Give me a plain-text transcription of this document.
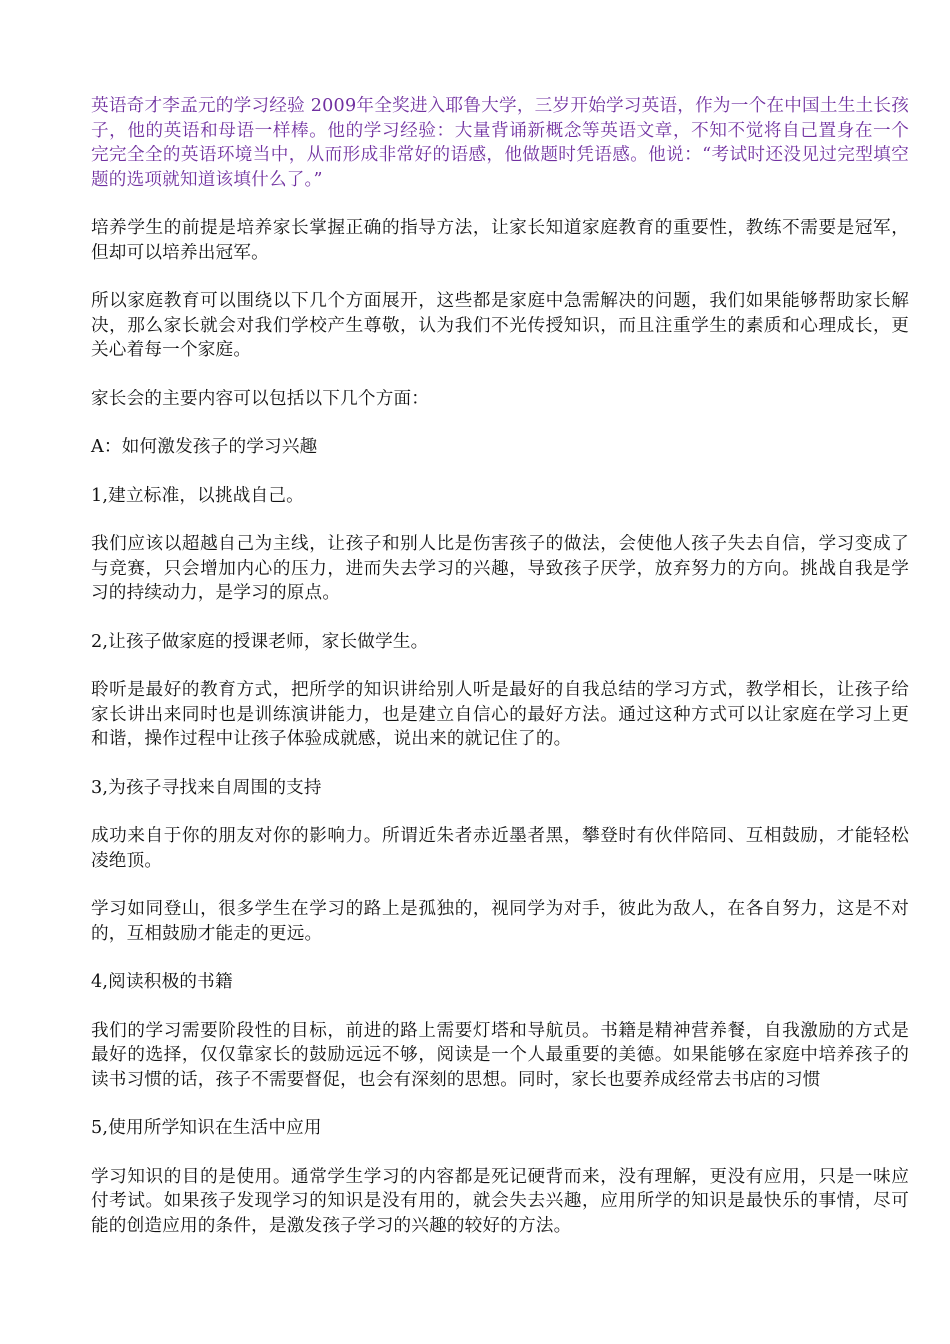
英语奇才李孟元的学习经验 2009年全奖进入耶鲁大学，三岁开始学习英语，作为一个在中国土生土长孩子，他的英语和母语一样棒。他的学习经验：大量背诵新概念等英语文章，不知不觉将自己置身在一个完完全全的英语环境当中，从而形成非常好的语感，他做题时凭语感。他说：“考试时还没见过完型填空题的选项就知道该填什么了。”

培养学生的前提是培养家长掌握正确的指导方法，让家长知道家庭教育的重要性，教练不需要是冠军，但却可以培养出冠军。

所以家庭教育可以围绕以下几个方面展开，这些都是家庭中急需解决的问题，我们如果能够帮助家长解决，那么家长就会对我们学校产生尊敬，认为我们不光传授知识，而且注重学生的素质和心理成长，更关心着每一个家庭。

家长会的主要内容可以包括以下几个方面：

A：如何激发孩子的学习兴趣

1,建立标准，以挑战自己。

我们应该以超越自己为主线，让孩子和别人比是伤害孩子的做法，会使他人孩子失去自信，学习变成了与竞赛，只会增加内心的压力，进而失去学习的兴趣，导致孩子厌学，放弃努力的方向。挑战自我是学习的持续动力，是学习的原点。

2,让孩子做家庭的授课老师，家长做学生。

聆听是最好的教育方式，把所学的知识讲给别人听是最好的自我总结的学习方式，教学相长，让孩子给家长讲出来同时也是训练演讲能力，也是建立自信心的最好方法。通过这种方式可以让家庭在学习上更和谐，操作过程中让孩子体验成就感，说出来的就记住了的。

3,为孩子寻找来自周围的支持

成功来自于你的朋友对你的影响力。所谓近朱者赤近墨者黑，攀登时有伙伴陪同、互相鼓励，才能轻松凌绝顶。

学习如同登山，很多学生在学习的路上是孤独的，视同学为对手，彼此为敌人，在各自努力，这是不对的，互相鼓励才能走的更远。

4,阅读积极的书籍

我们的学习需要阶段性的目标，前进的路上需要灯塔和导航员。书籍是精神营养餐，自我激励的方式是最好的选择，仅仅靠家长的鼓励远远不够，阅读是一个人最重要的美德。如果能够在家庭中培养孩子的读书习惯的话，孩子不需要督促，也会有深刻的思想。同时，家长也要养成经常去书店的习惯

5,使用所学知识在生活中应用

学习知识的目的是使用。通常学生学习的内容都是死记硬背而来，没有理解，更没有应用，只是一味应付考试。如果孩子发现学习的知识是没有用的，就会失去兴趣，应用所学的知识是最快乐的事情，尽可能的创造应用的条件，是激发孩子学习的兴趣的较好的方法。
